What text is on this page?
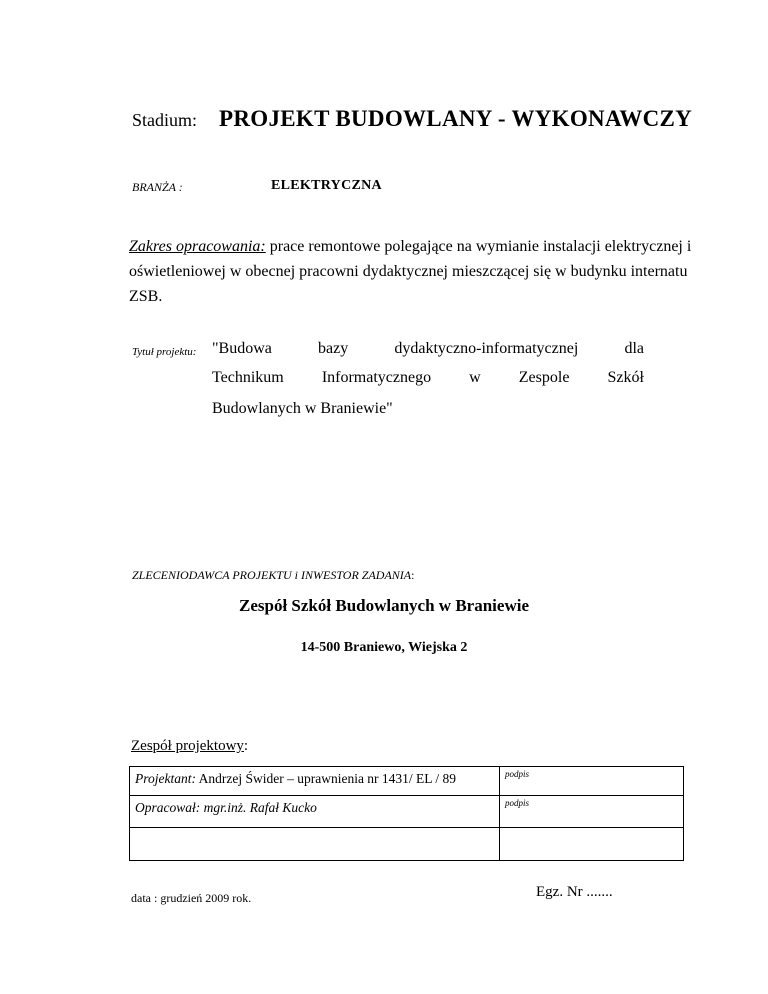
Stadium: PROJEKT BUDOWLANY - WYKONAWCZY
BRANŻA :	ELEKTRYCZNA
Zakres opracowania: prace remontowe polegające na wymianie instalacji elektrycznej i oświetleniowej w obecnej pracowni dydaktycznej mieszczącej się w budynku internatu ZSB.
Tytuł projektu: "Budowa	bazy	dydaktyczno-informatycznej	dla
Technikum Informatycznego w Zespole Szkół
Budowlanych w Braniewie"
ZLECENIODAWCA PROJEKTU i INWESTOR ZADANIA:
Zespół Szkół Budowlanych w Braniewie
14-500 Braniewo, Wiejska 2
Zespół projektowy:
Projektant: Andrzej Świder – uprawnienia nr 1431/ EL / 89	podpis

Opracował: mgr.inż. Rafał Kucko	podpis

data : grudzień 2009 rok.	Egz. Nr .......
